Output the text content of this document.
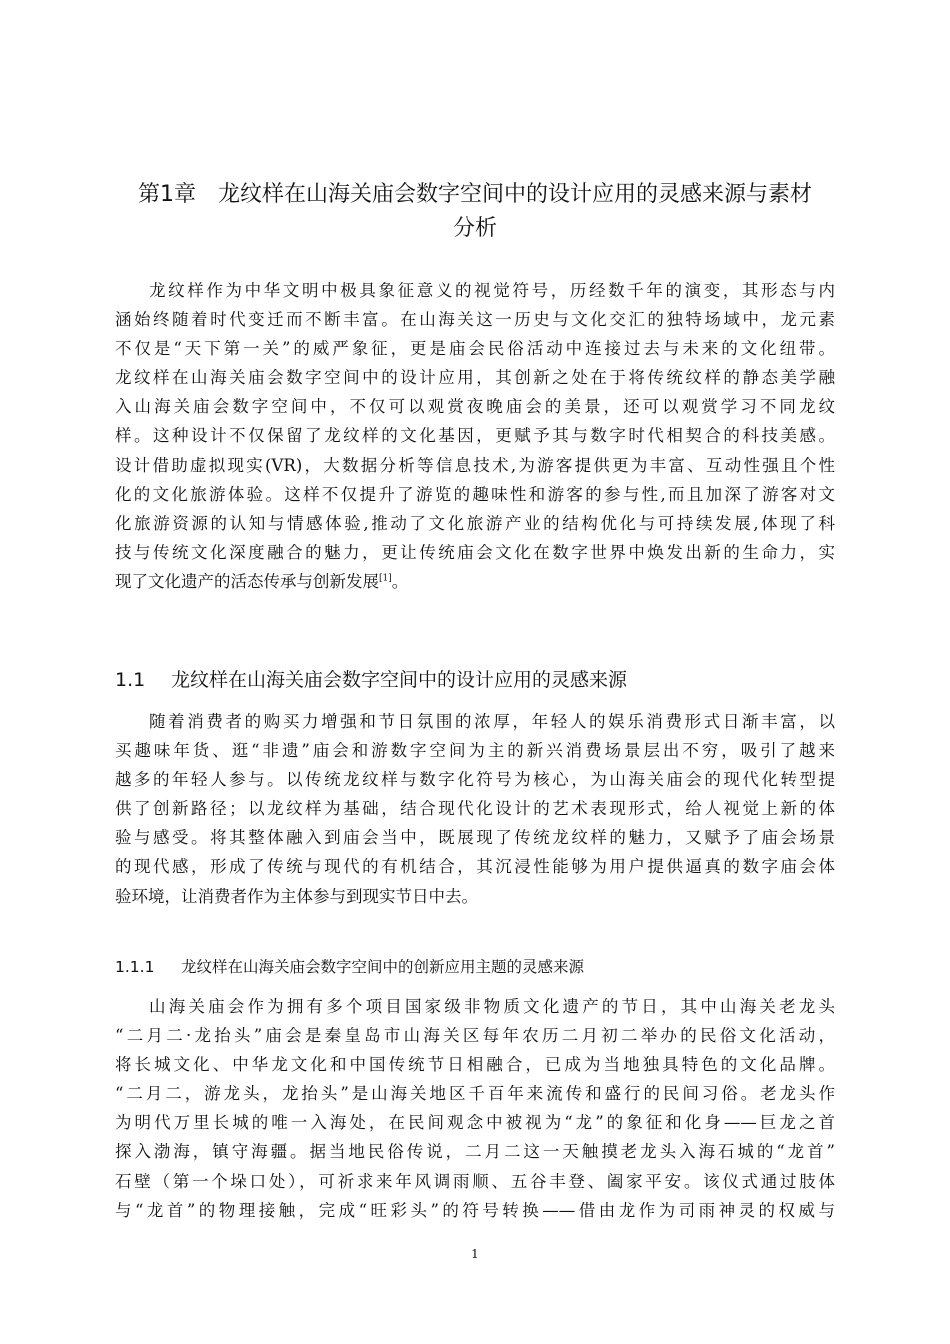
第1章　龙纹样在山海关庙会数字空间中的设计应用的灵感来源与素材
分析
龙纹样作为中华文明中极具象征意义的视觉符号，历经数千年的演变，其形态与内
涵始终随着时代变迁而不断丰富。在山海关这一历史与文化交汇的独特场域中，龙元素
不仅是“天下第一关”的威严象征，更是庙会民俗活动中连接过去与未来的文化纽带。
龙纹样在山海关庙会数字空间中的设计应用，其创新之处在于将传统纹样的静态美学融
入山海关庙会数字空间中，不仅可以观赏夜晚庙会的美景，还可以观赏学习不同龙纹
样。这种设计不仅保留了龙纹样的文化基因，更赋予其与数字时代相契合的科技美感。
设计借助虚拟现实(VR)，大数据分析等信息技术,为游客提供更为丰富、互动性强且个性
化的文化旅游体验。这样不仅提升了游览的趣味性和游客的参与性,而且加深了游客对文
化旅游资源的认知与情感体验,推动了文化旅游产业的结构优化与可持续发展,体现了科
技与传统文化深度融合的魅力，更让传统庙会文化在数字世界中焕发出新的生命力，实
现了文化遗产的活态传承与创新发展[1]。
1.1 龙纹样在山海关庙会数字空间中的设计应用的灵感来源
随着消费者的购买力增强和节日氛围的浓厚，年轻人的娱乐消费形式日渐丰富，以
买趣味年货、逛“非遗”庙会和游数字空间为主的新兴消费场景层出不穷，吸引了越来
越多的年轻人参与。以传统龙纹样与数字化符号为核心，为山海关庙会的现代化转型提
供了创新路径；以龙纹样为基础，结合现代化设计的艺术表现形式，给人视觉上新的体
验与感受。将其整体融入到庙会当中，既展现了传统龙纹样的魅力，又赋予了庙会场景
的现代感，形成了传统与现代的有机结合，其沉浸性能够为用户提供逼真的数字庙会体
验环境，让消费者作为主体参与到现实节日中去。
1.1.1 龙纹样在山海关庙会数字空间中的创新应用主题的灵感来源
山海关庙会作为拥有多个项目国家级非物质文化遗产的节日，其中山海关老龙头
“二月二·龙抬头”庙会是秦皇岛市山海关区每年农历二月初二举办的民俗文化活动，
将长城文化、中华龙文化和中国传统节日相融合，已成为当地独具特色的文化品牌。
“二月二，游龙头，龙抬头”是山海关地区千百年来流传和盛行的民间习俗。老龙头作
为明代万里长城的唯一入海处，在民间观念中被视为“龙”的象征和化身——巨龙之首
探入渤海，镇守海疆。据当地民俗传说，二月二这一天触摸老龙头入海石城的“龙首”
石壁（第一个垛口处），可祈求来年风调雨顺、五谷丰登、阖家平安。该仪式通过肢体
与“龙首”的物理接触，完成“旺彩头”的符号转换——借由龙作为司雨神灵的权威与
1
